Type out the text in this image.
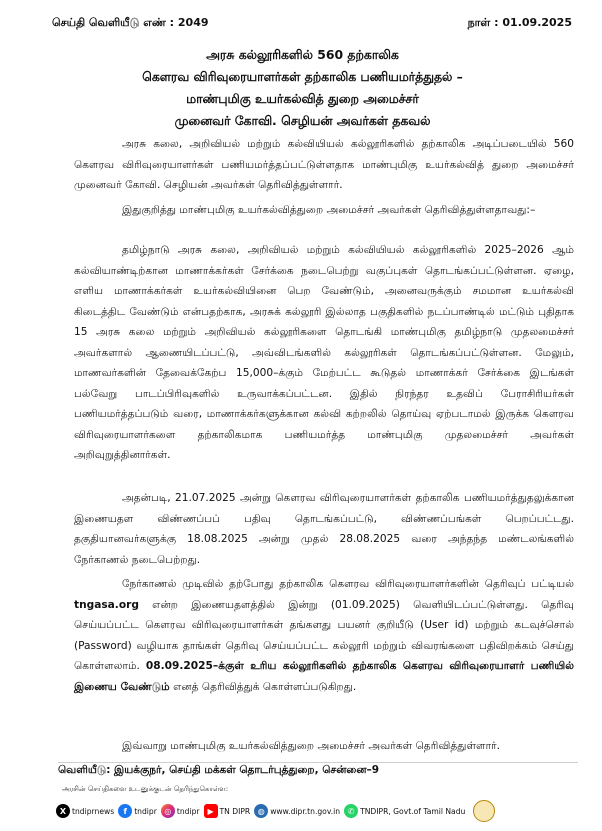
செய்தி வெளியீடு எண் : 2049	நாள் : 01.09.2025
அரசு கல்லூரிகளில் 560 தற்காலிக
கௌரவ விரிவுரையாளர்கள் தற்காலிக பணியமர்த்துதல் –
மாண்புமிகு உயர்கல்வித் துறை அமைச்சர்
முனைவர் கோவி. செழியன் அவர்கள் தகவல்

அரசு கலை, அறிவியல் மற்றும் கல்வியியல் கல்லூரிகளில் தற்காலிக அடிப்படையில் 560 கௌரவ விரிவுரையாளர்கள் பணியமர்த்தப்பட்டுள்ளதாக மாண்புமிகு உயர்கல்வித் துறை அமைச்சர் முனைவர் கோவி. செழியன் அவர்கள் தெரிவித்துள்ளார்.

இதுகுறித்து மாண்புமிகு உயர்கல்வித்துறை அமைச்சர் அவர்கள் தெரிவித்துள்ளதாவது:–

தமிழ்நாடு அரசு கலை, அறிவியல் மற்றும் கல்வியியல் கல்லூரிகளில் 2025–2026 ஆம் கல்வியாண்டிற்கான மாணாக்கர்கள் சேர்க்கை நடைபெற்று வகுப்புகள் தொடங்கப்பட்டுள்ளன. ஏழை, எளிய மாணாக்கர்கள் உயர்கல்வியினை பெற வேண்டும், அனைவருக்கும் சமமான உயர்கல்வி கிடைத்திட வேண்டும் என்பதற்காக, அரசுக் கல்லூரி இல்லாத பகுதிகளில் நடப்பாண்டில் மட்டும் புதிதாக 15 அரசு கலை மற்றும் அறிவியல் கல்லூரிகளை தொடங்கி மாண்புமிகு தமிழ்நாடு முதலமைச்சர் அவர்களால் ஆணையிடப்பட்டு, அவ்விடங்களில் கல்லூரிகள் தொடங்கப்பட்டுள்ளன. மேலும், மாணவர்களின் தேவைக்கேற்ப 15,000–க்கும் மேற்பட்ட கூடுதல் மாணாக்கர் சேர்க்கை இடங்கள் பல்வேறு பாடப்பிரிவுகளில் உருவாக்கப்பட்டன. இதில் நிரந்தர உதவிப் பேராசிரியர்கள் பணியமர்த்தப்படும் வரை, மாணாக்கர்களுக்கான கல்வி கற்றலில் தொய்வு ஏற்படாமல் இருக்க கௌரவ விரிவுரையாளர்களை தற்காலிகமாக பணியமர்த்த மாண்புமிகு முதலமைச்சர் அவர்கள் அறிவுறுத்தினார்கள்.

அதன்படி, 21.07.2025 அன்று கௌரவ விரிவுரையாளர்கள் தற்காலிக பணியமர்த்துதலுக்கான இணையதள விண்ணப்பப் பதிவு தொடங்கப்பட்டு, விண்ணப்பங்கள் பெறப்பட்டது. தகுதியானவர்களுக்கு 18.08.2025 அன்று முதல் 28.08.2025 வரை அந்தந்த மண்டலங்களில் நேர்காணல் நடைபெற்றது.

நேர்காணல் முடிவில் தற்போது தற்காலிக கௌரவ விரிவுரையாளர்களின் தெரிவுப் பட்டியல் tngasa.org என்ற இணையதளத்தில் இன்று (01.09.2025) வெளியிடப்பட்டுள்ளது. தெரிவு செய்யப்பட்ட கௌரவ விரிவுரையாளர்கள் தங்களது பயனர் குறியீடு (User id) மற்றும் கடவுச்சொல் (Password) வழியாக தாங்கள் தெரிவு செய்யப்பட்ட கல்லூரி மற்றும் விவரங்களை பதிவிறக்கம் செய்து கொள்ளலாம். 08.09.2025–க்குள் உரிய கல்லூரிகளில் தற்காலிக கௌரவ விரிவுரையாளர் பணியில் இணைய வேண்டும் எனத் தெரிவித்துக் கொள்ளப்படுகிறது.

இவ்வாறு மாண்புமிகு உயர்கல்வித்துறை அமைச்சர் அவர்கள் தெரிவித்துள்ளார்.

வெளியீடு: இயக்குநர், செய்தி மக்கள் தொடர்புத்துறை, சென்னை–9
அரசின் செய்திகளை உடனுக்குடன் தெரிந்துகொள்ள:
X tndiprnews	f tndipr ◎ tndipr ▶ TN DIPR ◍ www.dipr.tn.gov.in ✆ TNDIPR, Govt.of Tamil Nadu
